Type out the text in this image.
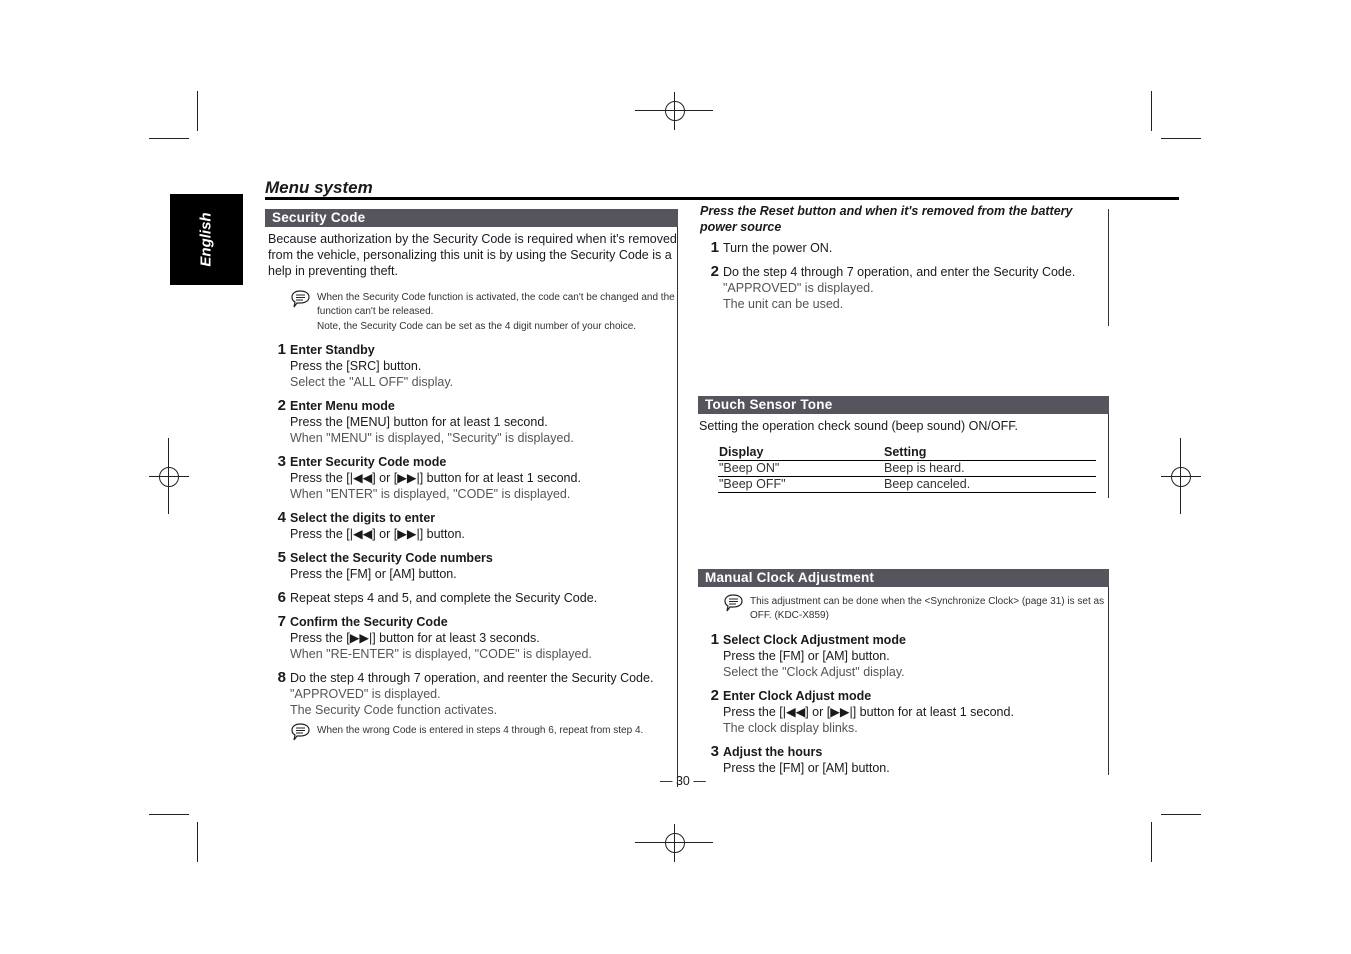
English
Menu system
Security Code
Because authorization by the Security Code is required when it's removed from the vehicle, personalizing this unit is by using the Security Code is a help in preventing theft.
When the Security Code function is activated, the code can't be changed and the function can't be released.
Note, the Security Code can be set as the 4 digit number of your choice.
1 Enter Standby
Press the [SRC] button.
Select the "ALL OFF" display.
2 Enter Menu mode
Press the [MENU] button for at least 1 second.
When "MENU" is displayed, "Security" is displayed.
3 Enter Security Code mode
Press the [|◀◀] or [▶▶|] button for at least 1 second.
When "ENTER" is displayed, "CODE" is displayed.
4 Select the digits to enter
Press the [|◀◀] or [▶▶|] button.
5 Select the Security Code numbers
Press the [FM] or [AM] button.
6 Repeat steps 4 and 5, and complete the Security Code.
7 Confirm the Security Code
Press the [▶▶|] button for at least 3 seconds.
When "RE-ENTER" is displayed, "CODE" is displayed.
8 Do the step 4 through 7 operation, and reenter the Security Code.
"APPROVED" is displayed.
The Security Code function activates.
When the wrong Code is entered in steps 4 through 6, repeat from step 4.
Press the Reset button and when it's removed from the battery power source
1 Turn the power ON.
2 Do the step 4 through 7 operation, and enter the Security Code.
"APPROVED" is displayed.
The unit can be used.
Touch Sensor Tone
Setting the operation check sound (beep sound) ON/OFF.
Display	Setting
"Beep ON"	Beep is heard.
"Beep OFF"	Beep canceled.
Manual Clock Adjustment
This adjustment can be done when the <Synchronize Clock> (page 31) is set as OFF. (KDC-X859)
1 Select Clock Adjustment mode
Press the [FM] or [AM] button.
Select the "Clock Adjust" display.
2 Enter Clock Adjust mode
Press the [|◀◀] or [▶▶|] button for at least 1 second.
The clock display blinks.
3 Adjust the hours
Press the [FM] or [AM] button.
— 30 —
